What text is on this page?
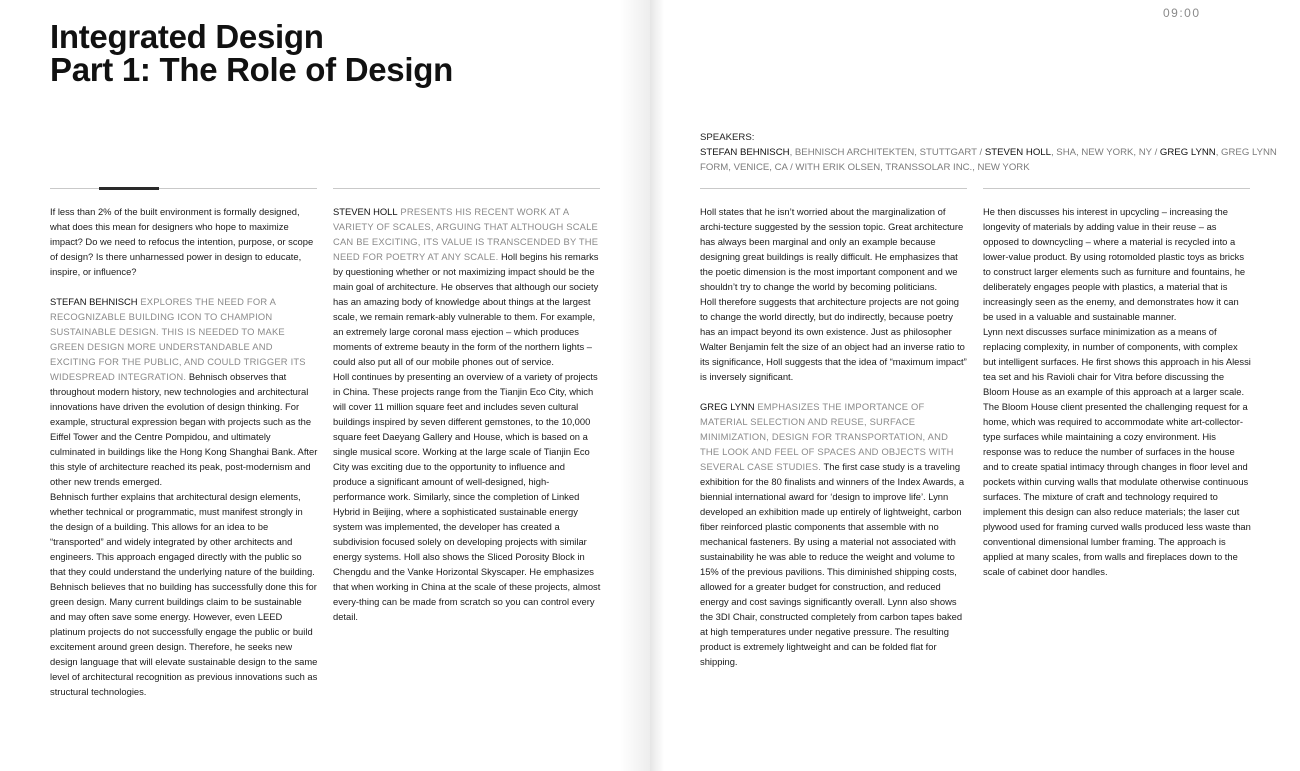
Integrated Design
Part 1: The Role of Design

If less than 2% of the built environment is formally designed, what does this mean for designers who hope to maximize impact? Do we need to refocus the intention, purpose, or scope of design? Is there unharnessed power in design to educate, inspire, or influence?

STEFAN BEHNISCH EXPLORES THE NEED FOR A RECOGNIZABLE BUILDING ICON TO CHAMPION SUSTAINABLE DESIGN. THIS IS NEEDED TO MAKE GREEN DESIGN MORE UNDERSTANDABLE AND EXCITING FOR THE PUBLIC, AND COULD TRIGGER ITS WIDESPREAD INTEGRATION. Behnisch observes that throughout modern history, new technologies and architectural innovations have driven the evolution of design thinking. For example, structural expression began with projects such as the Eiffel Tower and the Centre Pompidou, and ultimately culminated in buildings like the Hong Kong Shanghai Bank. After this style of architecture reached its peak, post-modernism and other new trends emerged.

Behnisch further explains that architectural design elements, whether technical or programmatic, must manifest strongly in the design of a building. This allows for an idea to be “transported” and widely integrated by other architects and engineers. This approach engaged directly with the public so that they could understand the underlying nature of the building.

Behnisch believes that no building has successfully done this for green design. Many current buildings claim to be sustainable and may often save some energy. However, even LEED platinum projects do not successfully engage the public or build excitement around green design. Therefore, he seeks new design language that will elevate sustainable design to the same level of architectural recognition as previous innovations such as structural technologies.

STEVEN HOLL PRESENTS HIS RECENT WORK AT A VARIETY OF SCALES, ARGUING THAT ALTHOUGH SCALE CAN BE EXCITING, ITS VALUE IS TRANSCENDED BY THE NEED FOR POETRY AT ANY SCALE. Holl begins his remarks by questioning whether or not maximizing impact should be the main goal of architecture. He observes that although our society has an amazing body of knowledge about things at the largest scale, we remain remark-ably vulnerable to them. For example, an extremely large coronal mass ejection – which produces moments of extreme beauty in the form of the northern lights – could also put all of our mobile phones out of service.

Holl continues by presenting an overview of a variety of projects in China. These projects range from the Tianjin Eco City, which will cover 11 million square feet and includes seven cultural buildings inspired by seven different gemstones, to the 10,000 square feet Daeyang Gallery and House, which is based on a single musical score. Working at the large scale of Tianjin Eco City was exciting due to the opportunity to influence and produce a significant amount of well-designed, high-performance work. Similarly, since the completion of Linked Hybrid in Beijing, where a sophisticated sustainable energy system was implemented, the developer has created a subdivision focused solely on developing projects with similar energy systems. Holl also shows the Sliced Porosity Block in Chengdu and the Vanke Horizontal Skyscaper. He emphasizes that when working in China at the scale of these projects, almost every-thing can be made from scratch so you can control every detail.

09:00
SPEAKERS:
STEFAN BEHNISCH, BEHNISCH ARCHITEKTEN, STUTTGART / STEVEN HOLL, SHA, NEW YORK, NY / GREG LYNN, GREG LYNN FORM, VENICE, CA / WITH ERIK OLSEN, TRANSSOLAR INC., NEW YORK

Holl states that he isn’t worried about the marginalization of archi-tecture suggested by the session topic. Great architecture has always been marginal and only an example because designing great buildings is really difficult. He emphasizes that the poetic dimension is the most important component and we shouldn’t try to change the world by becoming politicians.

Holl therefore suggests that architecture projects are not going to change the world directly, but do indirectly, because poetry has an impact beyond its own existence. Just as philosopher Walter Benjamin felt the size of an object had an inverse ratio to its significance, Holl suggests that the idea of “maximum impact” is inversely significant.

GREG LYNN EMPHASIZES THE IMPORTANCE OF MATERIAL SELECTION AND REUSE, SURFACE MINIMIZATION, DESIGN FOR TRANSPORTATION, AND THE LOOK AND FEEL OF SPACES AND OBJECTS WITH SEVERAL CASE STUDIES. The first case study is a traveling exhibition for the 80 finalists and winners of the Index Awards, a biennial international award for ‘design to improve life’. Lynn developed an exhibition made up entirely of lightweight, carbon fiber reinforced plastic components that assemble with no mechanical fasteners. By using a material not associated with sustainability he was able to reduce the weight and volume to 15% of the previous pavilions. This diminished shipping costs, allowed for a greater budget for construction, and reduced energy and cost savings significantly overall. Lynn also shows the 3DI Chair, constructed completely from carbon tapes baked at high temperatures under negative pressure. The resulting product is extremely lightweight and can be folded flat for shipping.

He then discusses his interest in upcycling – increasing the longevity of materials by adding value in their reuse – as opposed to downcycling – where a material is recycled into a lower-value product. By using rotomolded plastic toys as bricks to construct larger elements such as furniture and fountains, he deliberately engages people with plastics, a material that is increasingly seen as the enemy, and demonstrates how it can be used in a valuable and sustainable manner.

Lynn next discusses surface minimization as a means of replacing complexity, in number of components, with complex but intelligent surfaces. He first shows this approach in his Alessi tea set and his Ravioli chair for Vitra before discussing the Bloom House as an example of this approach at a larger scale.

The Bloom House client presented the challenging request for a home, which was required to accommodate white art-collector-type surfaces while maintaining a cozy environment. His response was to reduce the number of surfaces in the house and to create spatial intimacy through changes in floor level and pockets within curving walls that modulate otherwise continuous surfaces. The mixture of craft and technology required to implement this design can also reduce materials; the laser cut plywood used for framing curved walls produced less waste than conventional dimensional lumber framing. The approach is applied at many scales, from walls and fireplaces down to the scale of cabinet door handles.
